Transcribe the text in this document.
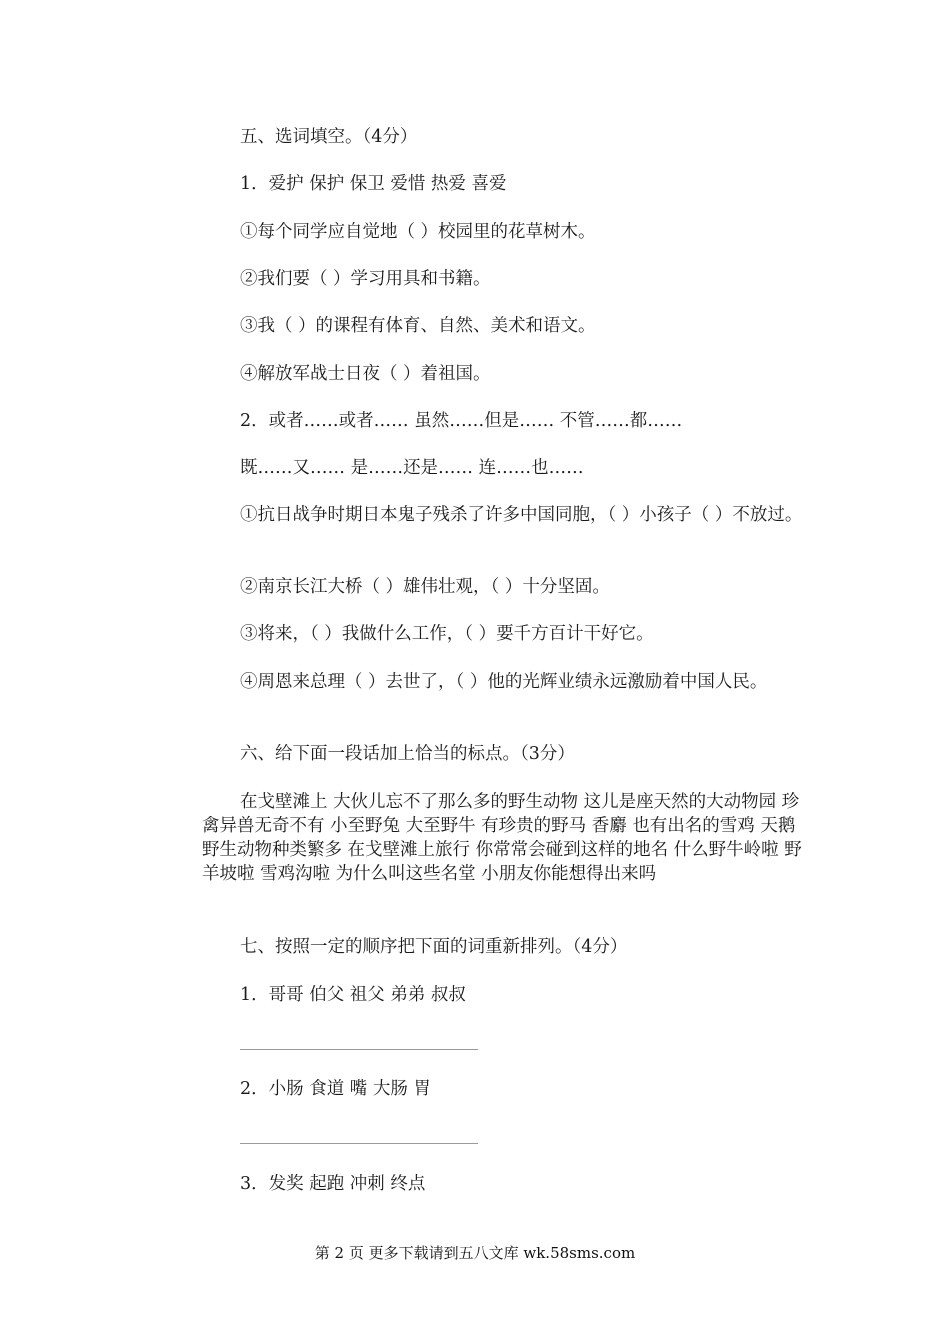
五、选词填空。（4分）
1．爱护 保护 保卫 爱惜 热爱 喜爱
①每个同学应自觉地（ ）校园里的花草树木。
②我们要（ ）学习用具和书籍。
③我（ ）的课程有体育、自然、美术和语文。
④解放军战士日夜（ ）着祖国。
2．或者……或者…… 虽然……但是…… 不管……都……
既……又…… 是……还是…… 连……也……
①抗日战争时期日本鬼子残杀了许多中国同胞，（ ）小孩子（ ）不放过。
②南京长江大桥（ ）雄伟壮观，（ ）十分坚固。
③将来，（ ）我做什么工作，（ ）要千方百计干好它。
④周恩来总理（ ）去世了，（ ）他的光辉业绩永远激励着中国人民。
六、给下面一段话加上恰当的标点。（3分）
在戈壁滩上 大伙儿忘不了那么多的野生动物 这儿是座天然的大动物园 珍禽异兽无奇不有 小至野兔 大至野牛 有珍贵的野马 香麝 也有出名的雪鸡 天鹅 野生动物种类繁多 在戈壁滩上旅行 你常常会碰到这样的地名 什么野牛岭啦 野羊坡啦 雪鸡沟啦 为什么叫这些名堂 小朋友你能想得出来吗
七、按照一定的顺序把下面的词重新排列。（4分）
1．哥哥 伯父 祖父 弟弟 叔叔
2．小肠 食道 嘴 大肠 胃
3．发奖 起跑 冲刺 终点
第 2 页 更多下载请到五八文库 wk.58sms.com
